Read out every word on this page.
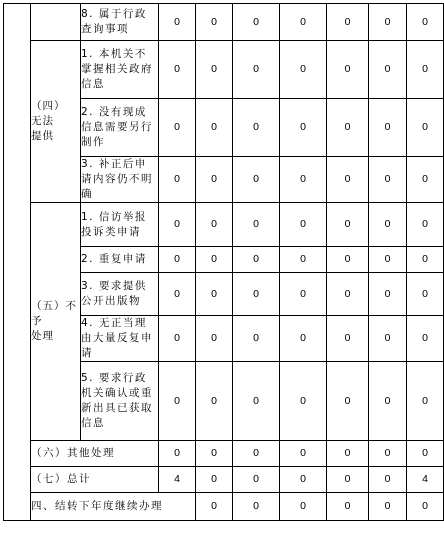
		8. 属于行政查询事项	0	0	0	0	0	0	0	

	（四）
无法
提供	1. 本机关不掌握相关政府信息	0	0	0	0	0	0	0	
		2. 没有现成信息需要另行制作	0	0	0	0	0	0	0	
		3. 补正后申请内容仍不明确	0	0	0	0	0	0	0	

	（五）不
予
处理	1. 信访举报投诉类申请	0	0	0	0	0	0	0	
		2. 重复申请	0	0	0	0	0	0	0	
		3. 要求提供公开出版物	0	0	0	0	0	0	0	
		4. 无正当理由大量反复申请	0	0	0	0	0	0	0	
		5. 要求行政机关确认或重新出具已获取信息	0	0	0	0	0	0	0	
	（六）其他处理		0	0	0	0	0	0	0	
	（七）总计		4	0	0	0	0	0	4	
	四、结转下年度继续办理			0	0	0	0	0	0	
